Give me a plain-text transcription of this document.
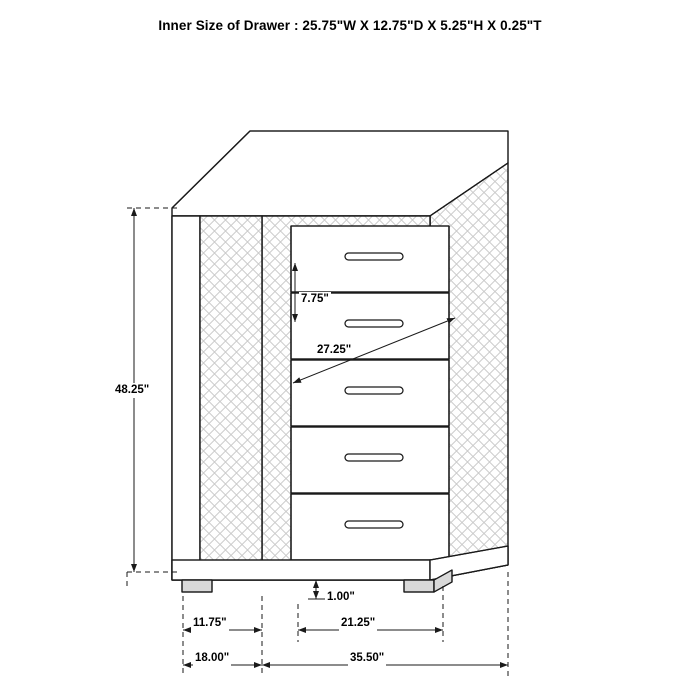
Inner Size of Drawer : 25.75"W X 12.75"D X 5.25"H X 0.25"T
48.25"
7.75"
27.25"
1.00"
11.75"	21.25"
18.00"	35.50"
